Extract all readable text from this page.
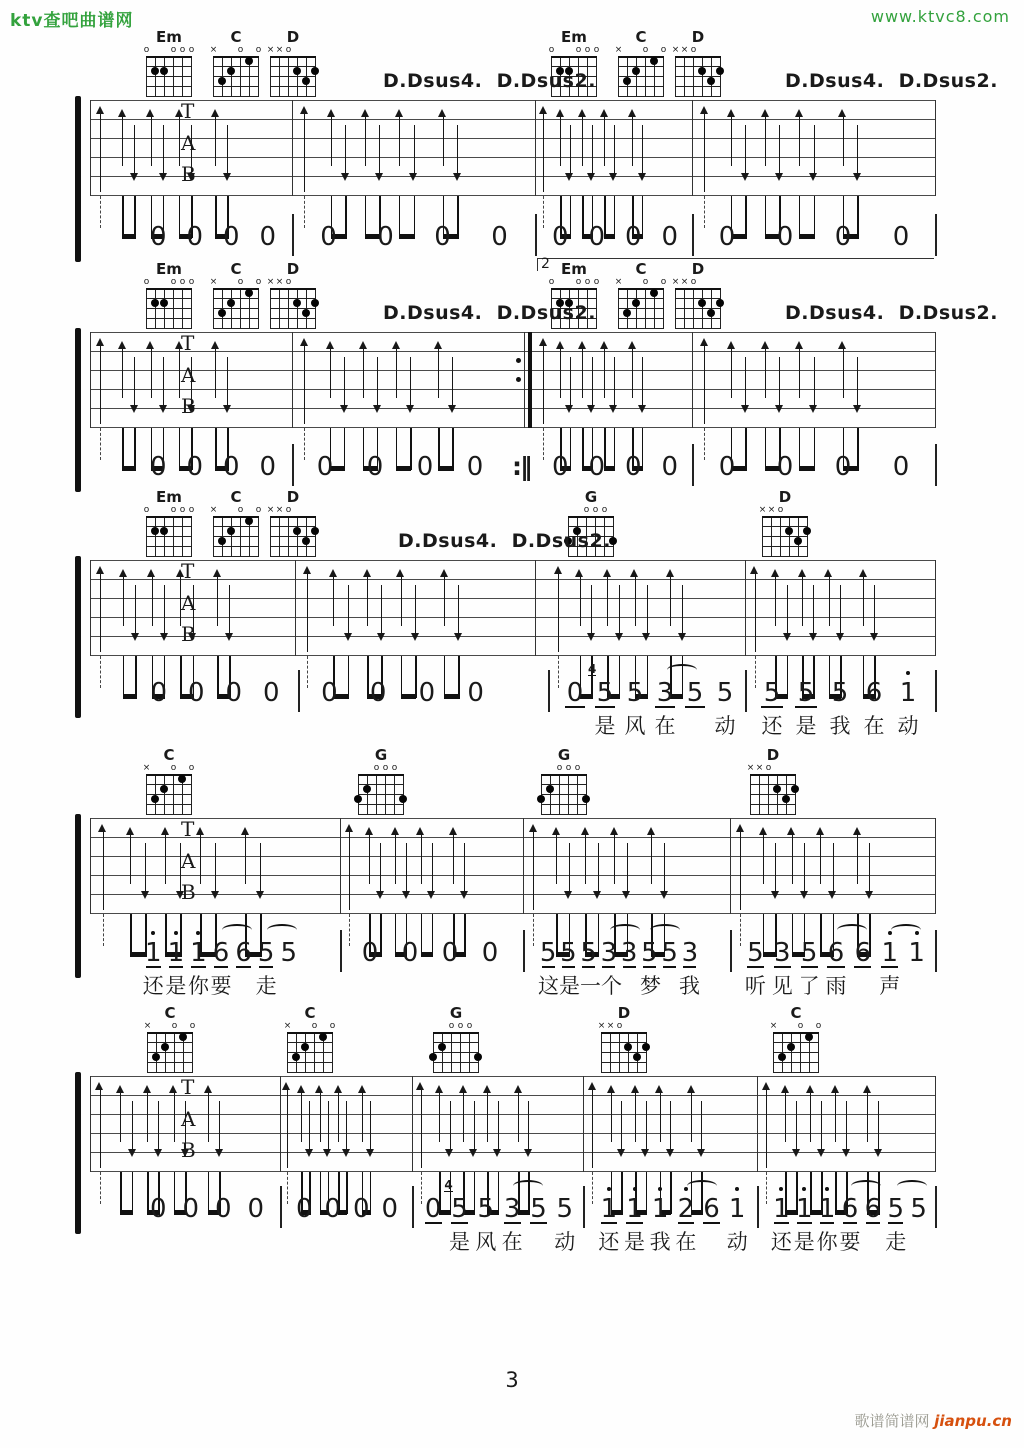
ktv查吧曲谱网	www.ktvc8.com
T
A
B
Em
o o o o
C
× o o
D
× × o
Em
o o o o
C
× o o
D
× × o
D.Dsus4.  D.Dsus2.	D.Dsus4.  D.Dsus2.
0 0 0 0	0	0	0	0	0 0 0 0	0	0	0	0
2
T
A
B
Em
o o o o
C
× o o
D
× × o
Em
o o o o
C
× o o
D
× × o
D.Dsus4.  D.Dsus2.	D.Dsus4.  D.Dsus2.
0 0 0 0	0	0	0	0	0 0 0 0	0	0	0	0
:‖
T
A
B
Em
o o o o
C
× o o
D
× × o
G
o o o
D
× × o
D.Dsus4.  D.Dsus2.
0 0 0 0	0	0	0	0	0 5
4
5 3 5 5
是 风 在 动
5 5 5 6 1
还 是 我 在 动
T
A
B
C
× o o
G
o o o
G
o o o
D
× × o
1 1 1 6 6 5 5
还 是 你 要 走
0 0 0 0	5 5 5 3 3 5 5 3
这 是 一 个 梦 我
5 3 5 6 6 1 1
听 见 了 雨 声
T
A
B
C
× o o
C
× o o
G
o o o
D
× × o
C
× o o
0 0 0 0	0 0 0 0 0 5
4
5 3 5 5
是 风 在 动
1 1 1 2 6 1
还 是 我 在 动
1 1 1 6 6 5 5
还 是 你 要 走
3
歌谱简谱网 jianpu.cn
